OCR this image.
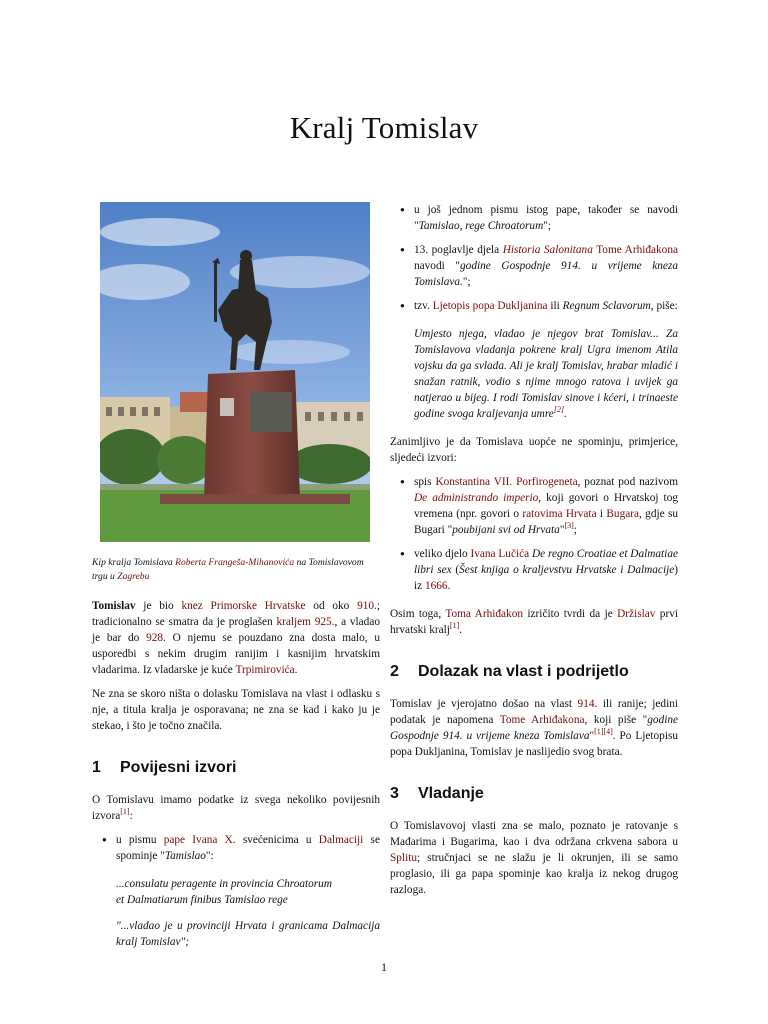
Kralj Tomislav
Kip kralja Tomislava Roberta Frangeša-Mihanovića na Tomislavovom trgu u Zagrebu

Tomislav je bio knez Primorske Hrvatske od oko 910.; tradicionalno se smatra da je proglašen kraljem 925., a vladao je bar do 928. O njemu se pouzdano zna dosta malo, u usporedbi s nekim drugim ranijim i kasnijim hrvatskim vladarima. Iz vladarske je kuće Trpimirovića.

Ne zna se skoro ništa o dolasku Tomislava na vlast i odlasku s nje, a titula kralja je osporavana; ne zna se kad i kako ju je stekao, i što je točno značila.

1 Povijesni izvori

O Tomislavu imamo podatke iz svega nekoliko povijesnih izvora[1]:

● u pismu pape Ivana X. svećenicima u Dalmaciji se spominje "Tamislao":
...consulatu peragente in provincia Chroatorum
et Dalmatiarum finibus Tamislao rege
"...vladao je u provinciji Hrvata i granicama Dalmacija kralj Tomislav";
● u još jednom pismu istog pape, također se navodi "Tamislao, rege Chroatorum";
● 13. poglavlje djela Historia Salonitana Tome Arhiđakona navodi "godine Gospodnje 914. u vrijeme kneza Tomislava.";
● tzv. Ljetopis popa Dukljanina ili Regnum Sclavorum, piše:
Umjesto njega, vladao je njegov brat Tomislav... Za Tomislavova vladanja pokrene kralj Ugra imenom Atila vojsku da ga svlada. Ali je kralj Tomislav, hrabar mladić i snažan ratnik, vodio s njime mnogo ratova i uvijek ga natjerao u bijeg. I rodi Tomislav sinove i kćeri, i trinaeste godine svoga kraljevanja umre[2].

Zanimljivo je da Tomislava uopće ne spominju, primjerice, sljedeći izvori:

● spis Konstantina VII. Porfirogeneta, poznat pod nazivom De administrando imperio, koji govori o Hrvatskoj tog vremena (npr. govori o ratovima Hrvata i Bugara, gdje su Bugari "poubijani svi od Hrvata"[3];
● veliko djelo Ivana Lučića De regno Croatiae et Dalmatiae libri sex (Šest knjiga o kraljevstvu Hrvatske i Dalmacije) iz 1666.

Osim toga, Toma Arhiđakon izričito tvrdi da je Držislav prvi hrvatski kralj[1].

2 Dolazak na vlast i podrijetlo

Tomislav je vjerojatno došao na vlast 914. ili ranije; jedini podatak je napomena Tome Arhiđakona, koji piše "godine Gospodnje 914. u vrijeme kneza Tomislava"[1][4]. Po Ljetopisu popa Dukljanina, Tomislav je naslijedio svog brata.

3 Vladanje

O Tomislavovoj vlasti zna se malo, poznato je ratovanje s Mađarima i Bugarima, kao i dva održana crkvena sabora u Splitu; stručnjaci se ne slažu je li okrunjen, ili se samo proglasio, ili ga papa spominje kao kralja iz nekog drugog razloga.

1
